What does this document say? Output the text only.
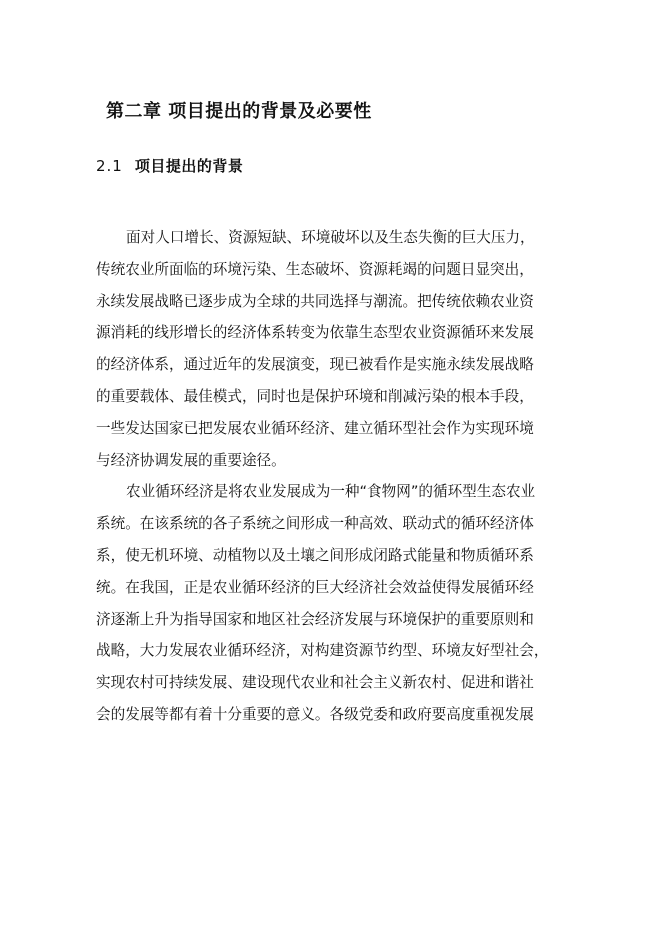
第二章 项目提出的背景及必要性
2.1 项目提出的背景
面对人口增长、资源短缺、环境破坏以及生态失衡的巨大压力，
传统农业所面临的环境污染、生态破坏、资源耗竭的问题日显突出，
永续发展战略已逐步成为全球的共同选择与潮流。把传统依赖农业资
源消耗的线形增长的经济体系转变为依靠生态型农业资源循环来发展
的经济体系，通过近年的发展演变，现已被看作是实施永续发展战略
的重要载体、最佳模式，同时也是保护环境和削减污染的根本手段，
一些发达国家已把发展农业循环经济、建立循环型社会作为实现环境
与经济协调发展的重要途径。
农业循环经济是将农业发展成为一种“食物网”的循环型生态农业
系统。在该系统的各子系统之间形成一种高效、联动式的循环经济体
系，使无机环境、动植物以及土壤之间形成闭路式能量和物质循环系
统。在我国，正是农业循环经济的巨大经济社会效益使得发展循环经
济逐渐上升为指导国家和地区社会经济发展与环境保护的重要原则和
战略，大力发展农业循环经济，对构建资源节约型、环境友好型社会，
实现农村可持续发展、建设现代农业和社会主义新农村、促进和谐社
会的发展等都有着十分重要的意义。各级党委和政府要高度重视发展
